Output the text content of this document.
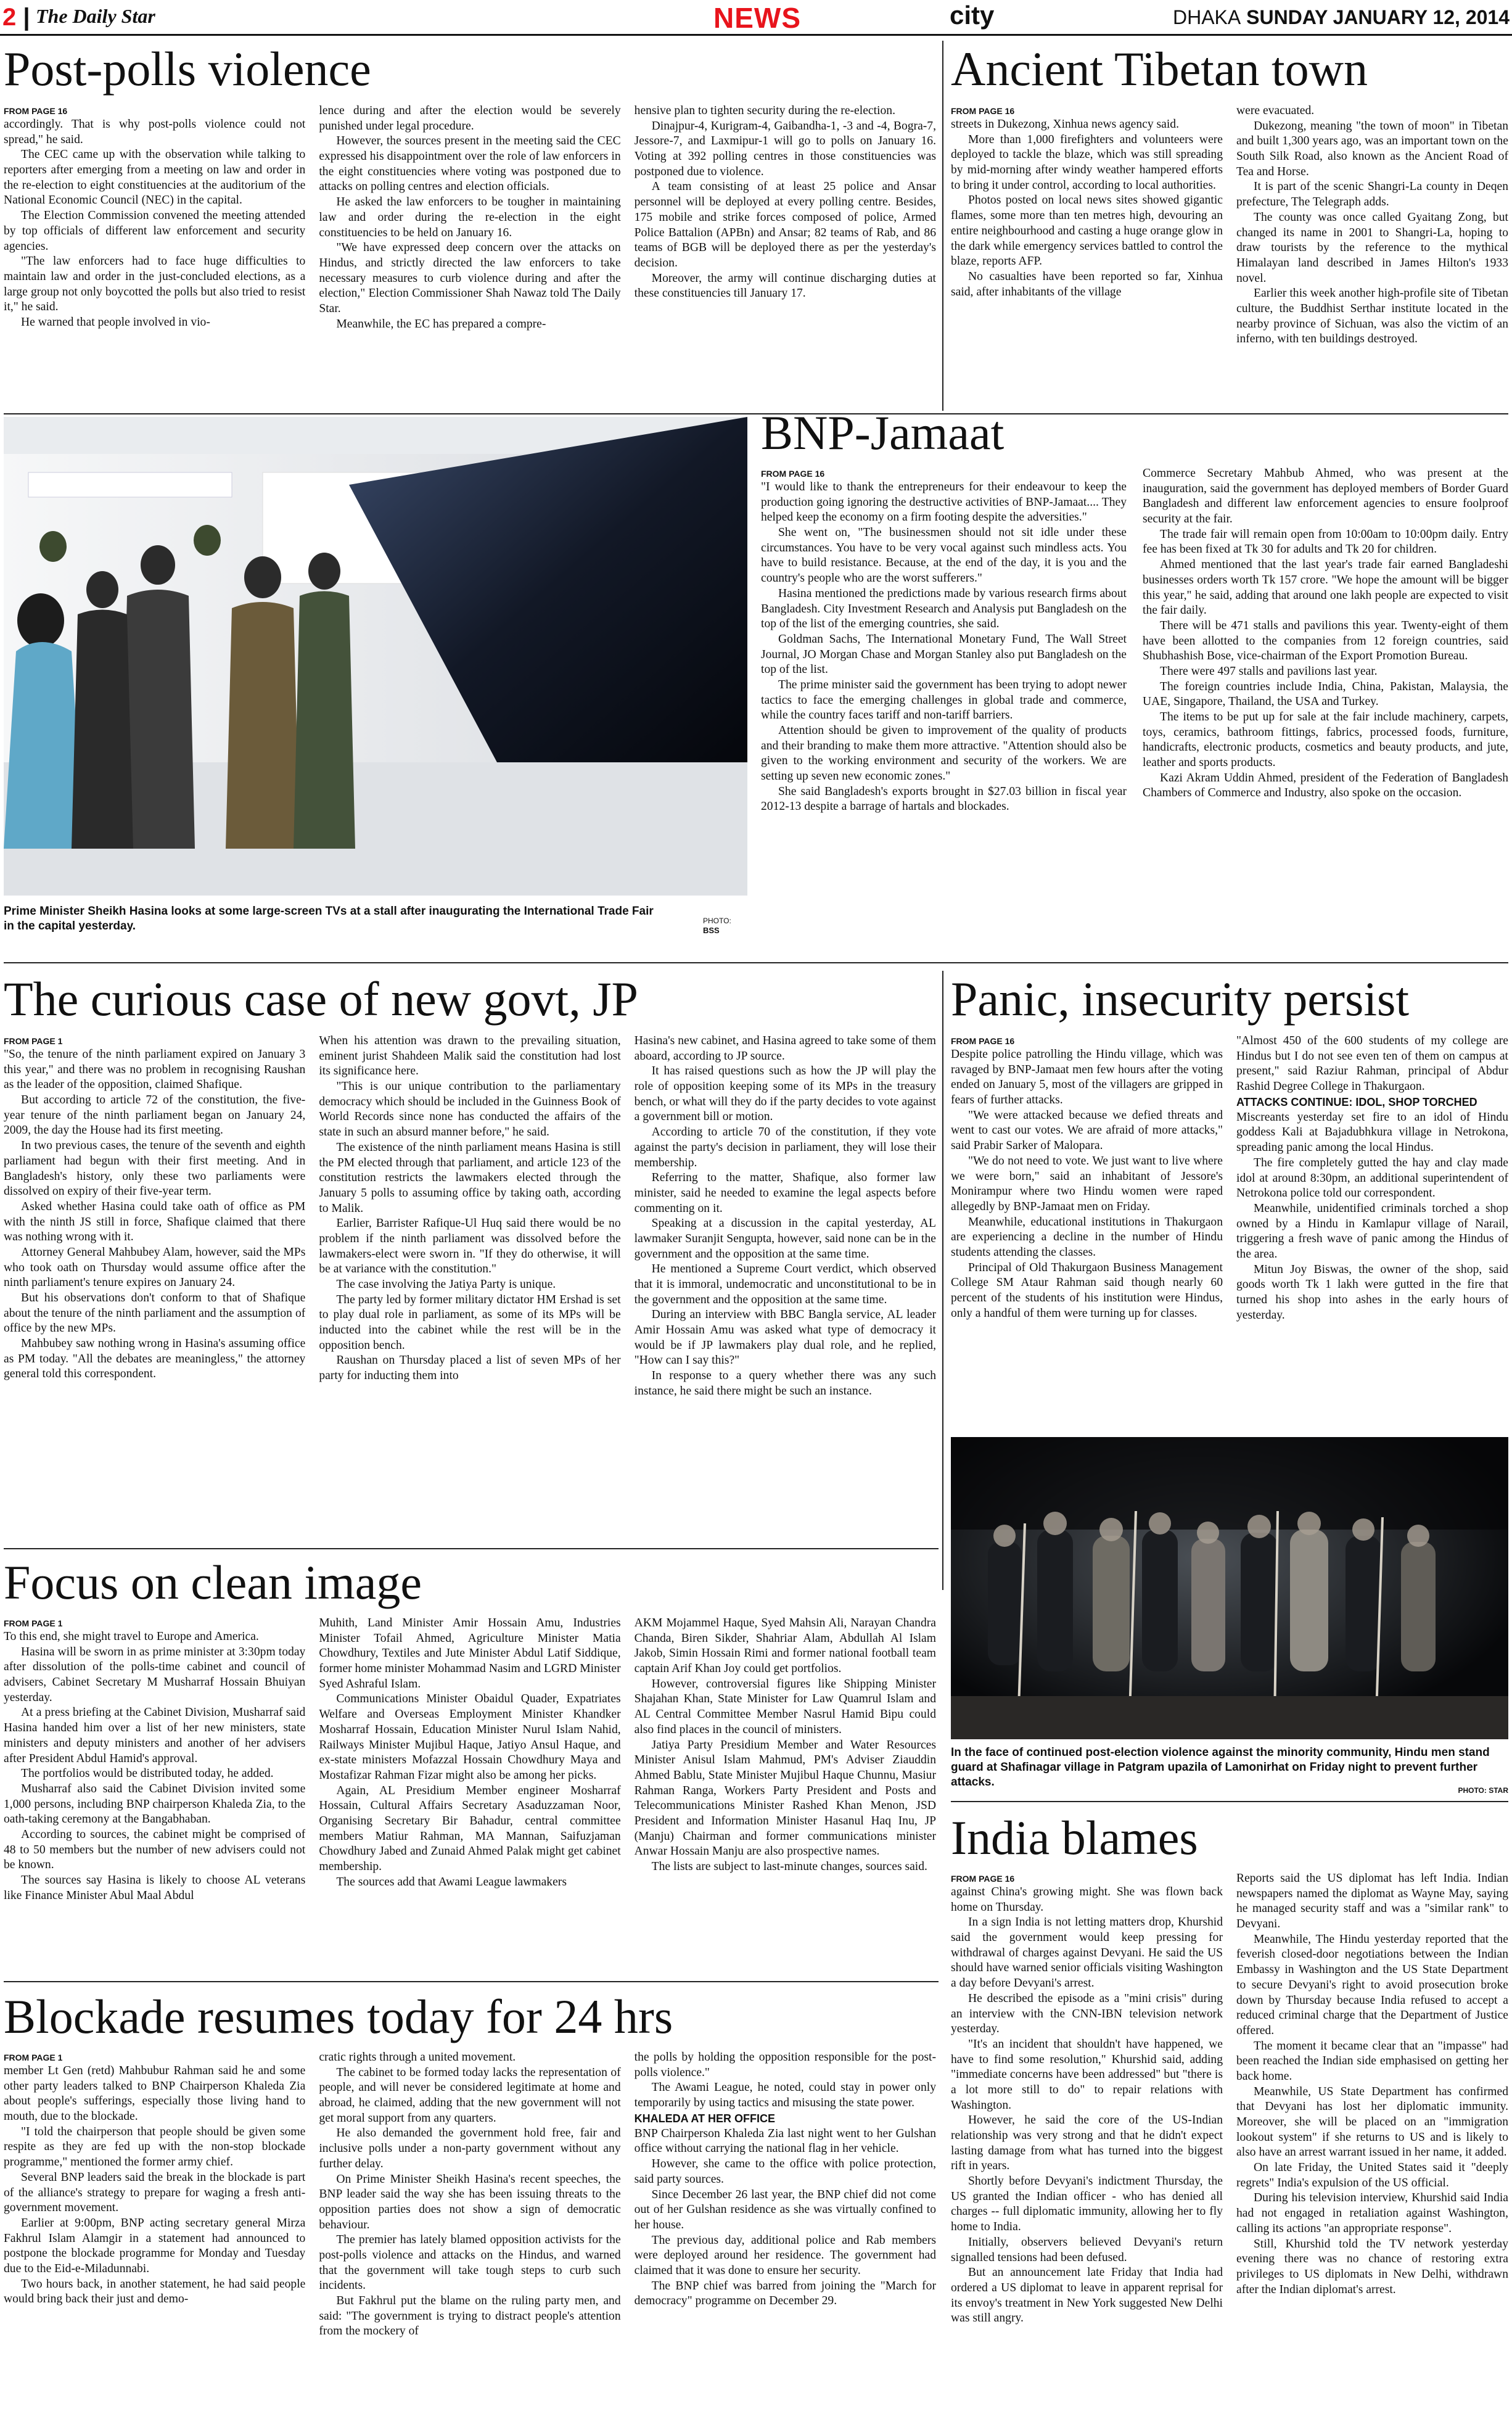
2 | The Daily Star	NEWS	city	DHAKA SUNDAY JANUARY 12, 2014
Post-polls violence
FROM PAGE 16

accordingly. That is why post-polls violence could not spread," he said.

The CEC came up with the observation while talking to reporters after emerging from a meeting on law and order in the re-election to eight constituencies at the auditorium of the National Economic Council (NEC) in the capital.

The Election Commission convened the meeting attended by top officials of different law enforcement and security agencies.

"The law enforcers had to face huge difficulties to maintain law and order in the just-concluded elections, as a large group not only boycotted the polls but also tried to resist it," he said.

He warned that people involved in vio-

lence during and after the election would be severely punished under legal procedure.

However, the sources present in the meeting said the CEC expressed his disappointment over the role of law enforcers in the eight constituencies where voting was postponed due to attacks on polling centres and election officials.

He asked the law enforcers to be tougher in maintaining law and order during the re-election in the eight constituencies to be held on January 16.

"We have expressed deep concern over the attacks on Hindus, and strictly directed the law enforcers to take necessary measures to curb violence during and after the election," Election Commissioner Shah Nawaz told The Daily Star.

Meanwhile, the EC has prepared a compre-

hensive plan to tighten security during the re-election.

Dinajpur-4, Kurigram-4, Gaibandha-1, -3 and -4, Bogra-7, Jessore-7, and Laxmipur-1 will go to polls on January 16. Voting at 392 polling centres in those constituencies was postponed due to violence.

A team consisting of at least 25 police and Ansar personnel will be deployed at every polling centre. Besides, 175 mobile and strike forces composed of police, Armed Police Battalion (APBn) and Ansar; 82 teams of Rab, and 86 teams of BGB will be deployed there as per the yesterday's decision.

Moreover, the army will continue discharging duties at these constituencies till January 17.

Ancient Tibetan town
FROM PAGE 16

streets in Dukezong, Xinhua news agency said.

More than 1,000 firefighters and volunteers were deployed to tackle the blaze, which was still spreading by mid-morning after windy weather hampered efforts to bring it under control, according to local authorities.

Photos posted on local news sites showed gigantic flames, some more than ten metres high, devouring an entire neighbourhood and casting a huge orange glow in the dark while emergency services battled to control the blaze, reports AFP.

No casualties have been reported so far, Xinhua said, after inhabitants of the village

were evacuated.

Dukezong, meaning "the town of moon" in Tibetan and built 1,300 years ago, was an important town on the South Silk Road, also known as the Ancient Road of Tea and Horse.

It is part of the scenic Shangri-La county in Deqen prefecture, The Telegraph adds.

The county was once called Gyaitang Zong, but changed its name in 2001 to Shangri-La, hoping to draw tourists by the reference to the mythical Himalayan land described in James Hilton's 1933 novel.

Earlier this week another high-profile site of Tibetan culture, the Buddhist Serthar institute located in the nearby province of Sichuan, was also the victim of an inferno, with ten buildings destroyed.

Prime Minister Sheikh Hasina looks at some large-screen TVs at a stall after inaugurating the International Trade Fair in the capital yesterday.	PHOTO:
BSS
BNP-Jamaat
FROM PAGE 16

"I would like to thank the entrepreneurs for their endeavour to keep the production going ignoring the destructive activities of BNP-Jamaat.... They helped keep the economy on a firm footing despite the adversities."

She went on, "The businessmen should not sit idle under these circumstances. You have to be very vocal against such mindless acts. You have to build resistance. Because, at the end of the day, it is you and the country's people who are the worst sufferers."

Hasina mentioned the predictions made by various research firms about Bangladesh. City Investment Research and Analysis put Bangladesh on the top of the list of the emerging countries, she said.

Goldman Sachs, The International Monetary Fund, The Wall Street Journal, JO Morgan Chase and Morgan Stanley also put Bangladesh on the top of the list.

The prime minister said the government has been trying to adopt newer tactics to face the emerging challenges in global trade and commerce, while the country faces tariff and non-tariff barriers.

Attention should be given to improvement of the quality of products and their branding to make them more attractive. "Attention should also be given to the working environment and security of the workers. We are setting up seven new economic zones."

She said Bangladesh's exports brought in $27.03 billion in fiscal year 2012-13 despite a barrage of hartals and blockades.

Commerce Secretary Mahbub Ahmed, who was present at the inauguration, said the government has deployed members of Border Guard Bangladesh and different law enforcement agencies to ensure foolproof security at the fair.

The trade fair will remain open from 10:00am to 10:00pm daily. Entry fee has been fixed at Tk 30 for adults and Tk 20 for children.

Ahmed mentioned that the last year's trade fair earned Bangladeshi businesses orders worth Tk 157 crore. "We hope the amount will be bigger this year," he said, adding that around one lakh people are expected to visit the fair daily.

There will be 471 stalls and pavilions this year. Twenty-eight of them have been allotted to the companies from 12 foreign countries, said Shubhashish Bose, vice-chairman of the Export Promotion Bureau.

There were 497 stalls and pavilions last year.

The foreign countries include India, China, Pakistan, Malaysia, the UAE, Singapore, Thailand, the USA and Turkey.

The items to be put up for sale at the fair include machinery, carpets, toys, ceramics, bathroom fittings, fabrics, processed foods, furniture, handicrafts, electronic products, cosmetics and beauty products, and jute, leather and sports products.

Kazi Akram Uddin Ahmed, president of the Federation of Bangladesh Chambers of Commerce and Industry, also spoke on the occasion.

The curious case of new govt, JP
FROM PAGE 1

"So, the tenure of the ninth parliament expired on January 3 this year," and there was no problem in recognising Raushan as the leader of the opposition, claimed Shafique.

But according to article 72 of the constitution, the five-year tenure of the ninth parliament began on January 24, 2009, the day the House had its first meeting.

In two previous cases, the tenure of the seventh and eighth parliament had begun with their first meeting. And in Bangladesh's history, only these two parliaments were dissolved on expiry of their five-year term.

Asked whether Hasina could take oath of office as PM with the ninth JS still in force, Shafique claimed that there was nothing wrong with it.

Attorney General Mahbubey Alam, however, said the MPs who took oath on Thursday would assume office after the ninth parliament's tenure expires on January 24.

But his observations don't conform to that of Shafique about the tenure of the ninth parliament and the assumption of office by the new MPs.

Mahbubey saw nothing wrong in Hasina's assuming office as PM today. "All the debates are meaningless," the attorney general told this correspondent.

When his attention was drawn to the prevailing situation, eminent jurist Shahdeen Malik said the constitution had lost its significance here.

"This is our unique contribution to the parliamentary democracy which should be included in the Guinness Book of World Records since none has conducted the affairs of the state in such an absurd manner before," he said.

The existence of the ninth parliament means Hasina is still the PM elected through that parliament, and article 123 of the constitution restricts the lawmakers elected through the January 5 polls to assuming office by taking oath, according to Malik.

Earlier, Barrister Rafique-Ul Huq said there would be no problem if the ninth parliament was dissolved before the lawmakers-elect were sworn in. "If they do otherwise, it will be at variance with the constitution."

The case involving the Jatiya Party is unique.

The party led by former military dictator HM Ershad is set to play dual role in parliament, as some of its MPs will be inducted into the cabinet while the rest will be in the opposition bench.

Raushan on Thursday placed a list of seven MPs of her party for inducting them into

Hasina's new cabinet, and Hasina agreed to take some of them aboard, according to JP source.

It has raised questions such as how the JP will play the role of opposition keeping some of its MPs in the treasury bench, or what will they do if the party decides to vote against a government bill or motion.

According to article 70 of the constitution, if they vote against the party's decision in parliament, they will lose their membership.

Referring to the matter, Shafique, also former law minister, said he needed to examine the legal aspects before commenting on it.

Speaking at a discussion in the capital yesterday, AL lawmaker Suranjit Sengupta, however, said none can be in the government and the opposition at the same time.

He mentioned a Supreme Court verdict, which observed that it is immoral, undemocratic and unconstitutional to be in the government and the opposition at the same time.

During an interview with BBC Bangla service, AL leader Amir Hossain Amu was asked what type of democracy it would be if JP lawmakers play dual role, and he replied, "How can I say this?"

In response to a query whether there was any such instance, he said there might be such an instance.

Panic, insecurity persist
FROM PAGE 16

Despite police patrolling the Hindu village, which was ravaged by BNP-Jamaat men few hours after the voting ended on January 5, most of the villagers are gripped in fears of further attacks.

"We were attacked because we defied threats and went to cast our votes. We are afraid of more attacks," said Prabir Sarker of Malopara.

"We do not need to vote. We just want to live where we were born," said an inhabitant of Jessore's Monirampur where two Hindu women were raped allegedly by BNP-Jamaat men on Friday.

Meanwhile, educational institutions in Thakurgaon are experiencing a decline in the number of Hindu students attending the classes.

Principal of Old Thakurgaon Business Management College SM Ataur Rahman said though nearly 60 percent of the students of his institution were Hindus, only a handful of them were turning up for classes.

"Almost 450 of the 600 students of my college are Hindus but I do not see even ten of them on campus at present," said Raziur Rahman, principal of Abdur Rashid Degree College in Thakurgaon.

ATTACKS CONTINUE: IDOL, SHOP TORCHED

Miscreants yesterday set fire to an idol of Hindu goddess Kali at Bajadubhkura village in Netrokona, spreading panic among the local Hindus.

The fire completely gutted the hay and clay made idol at around 8:30pm, an additional superintendent of Netrokona police told our correspondent.

Meanwhile, unidentified criminals torched a shop owned by a Hindu in Kamlapur village of Narail, triggering a fresh wave of panic among the Hindus of the area.

Mitun Joy Biswas, the owner of the shop, said goods worth Tk 1 lakh were gutted in the fire that turned his shop into ashes in the early hours of yesterday.

In the face of continued post-election violence against the minority community, Hindu men stand guard at Shafinagar village in Patgram upazila of Lamonirhat on Friday night to prevent further attacks.
PHOTO: STAR
Focus on clean image
FROM PAGE 1

To this end, she might travel to Europe and America.

Hasina will be sworn in as prime minister at 3:30pm today after dissolution of the polls-time cabinet and council of advisers, Cabinet Secretary M Musharraf Hossain Bhuiyan yesterday.

At a press briefing at the Cabinet Division, Musharraf said Hasina handed him over a list of her new ministers, state ministers and deputy ministers and another of her advisers after President Abdul Hamid's approval.

The portfolios would be distributed today, he added.

Musharraf also said the Cabinet Division invited some 1,000 persons, including BNP chairperson Khaleda Zia, to the oath-taking ceremony at the Bangabhaban.

According to sources, the cabinet might be comprised of 48 to 50 members but the number of new advisers could not be known.

The sources say Hasina is likely to choose AL veterans like Finance Minister Abul Maal Abdul

Muhith, Land Minister Amir Hossain Amu, Industries Minister Tofail Ahmed, Agriculture Minister Matia Chowdhury, Textiles and Jute Minister Abdul Latif Siddique, former home minister Mohammad Nasim and LGRD Minister Syed Ashraful Islam.

Communications Minister Obaidul Quader, Expatriates Welfare and Overseas Employment Minister Khandker Mosharraf Hossain, Education Minister Nurul Islam Nahid, Railways Minister Mujibul Haque, Jatiyo Ansul Haque, and ex-state ministers Mofazzal Hossain Chowdhury Maya and Mostafizar Rahman Fizar might also be among her picks.

Again, AL Presidium Member engineer Mosharraf Hossain, Cultural Affairs Secretary Asaduzzaman Noor, Organising Secretary Bir Bahadur, central committee members Matiur Rahman, MA Mannan, Saifuzjaman Chowdhury Jabed and Zunaid Ahmed Palak might get cabinet membership.

The sources add that Awami League lawmakers

AKM Mojammel Haque, Syed Mahsin Ali, Narayan Chandra Chanda, Biren Sikder, Shahriar Alam, Abdullah Al Islam Jakob, Simin Hossain Rimi and former national football team captain Arif Khan Joy could get portfolios.

However, controversial figures like Shipping Minister Shajahan Khan, State Minister for Law Quamrul Islam and AL Central Committee Member Nasrul Hamid Bipu could also find places in the council of ministers.

Jatiya Party Presidium Member and Water Resources Minister Anisul Islam Mahmud, PM's Adviser Ziauddin Ahmed Bablu, State Minister Mujibul Haque Chunnu, Masiur Rahman Ranga, Workers Party President and Posts and Telecommunications Minister Rashed Khan Menon, JSD President and Information Minister Hasanul Haq Inu, JP (Manju) Chairman and former communications minister Anwar Hossain Manju are also prospective names.

The lists are subject to last-minute changes, sources said.

Blockade resumes today for 24 hrs
FROM PAGE 1

member Lt Gen (retd) Mahbubur Rahman said he and some other party leaders talked to BNP Chairperson Khaleda Zia about people's sufferings, especially those living hand to mouth, due to the blockade.

"I told the chairperson that people should be given some respite as they are fed up with the non-stop blockade programme," mentioned the former army chief.

Several BNP leaders said the break in the blockade is part of the alliance's strategy to prepare for waging a fresh anti-government movement.

Earlier at 9:00pm, BNP acting secretary general Mirza Fakhrul Islam Alamgir in a statement had announced to postpone the blockade programme for Monday and Tuesday due to the Eid-e-Miladunnabi.

Two hours back, in another statement, he had said people would bring back their just and demo-

cratic rights through a united movement.

The cabinet to be formed today lacks the representation of people, and will never be considered legitimate at home and abroad, he claimed, adding that the new government will not get moral support from any quarters.

He also demanded the government hold free, fair and inclusive polls under a non-party government without any further delay.

On Prime Minister Sheikh Hasina's recent speeches, the BNP leader said the way she has been issuing threats to the opposition parties does not show a sign of democratic behaviour.

The premier has lately blamed opposition activists for the post-polls violence and attacks on the Hindus, and warned that the government will take tough steps to curb such incidents.

But Fakhrul put the blame on the ruling party men, and said: "The government is trying to distract people's attention from the mockery of

the polls by holding the opposition responsible for the post-polls violence."

The Awami League, he noted, could stay in power only temporarily by using tactics and misusing the state power.

KHALEDA AT HER OFFICE

BNP Chairperson Khaleda Zia last night went to her Gulshan office without carrying the national flag in her vehicle.

However, she came to the office with police protection, said party sources.

Since December 26 last year, the BNP chief did not come out of her Gulshan residence as she was virtually confined to her house.

The previous day, additional police and Rab members were deployed around her residence. The government had claimed that it was done to ensure her security.

The BNP chief was barred from joining the "March for democracy" programme on December 29.

India blames
FROM PAGE 16

against China's growing might. She was flown back home on Thursday.

In a sign India is not letting matters drop, Khurshid said the government would keep pressing for withdrawal of charges against Devyani. He said the US should have warned senior officials visiting Washington a day before Devyani's arrest.

He described the episode as a "mini crisis" during an interview with the CNN-IBN television network yesterday.

"It's an incident that shouldn't have happened, we have to find some resolution," Khurshid said, adding "immediate concerns have been addressed" but "there is a lot more still to do" to repair relations with Washington.

However, he said the core of the US-Indian relationship was very strong and that he didn't expect lasting damage from what has turned into the biggest rift in years.

Shortly before Devyani's indictment Thursday, the US granted the Indian officer - who has denied all charges -- full diplomatic immunity, allowing her to fly home to India.

Initially, observers believed Devyani's return signalled tensions had been defused.

But an announcement late Friday that India had ordered a US diplomat to leave in apparent reprisal for its envoy's treatment in New York suggested New Delhi was still angry.

Reports said the US diplomat has left India. Indian newspapers named the diplomat as Wayne May, saying he managed security staff and was a "similar rank" to Devyani.

Meanwhile, The Hindu yesterday reported that the feverish closed-door negotiations between the Indian Embassy in Washington and the US State Department to secure Devyani's right to avoid prosecution broke down by Thursday because India refused to accept a reduced criminal charge that the Department of Justice offered.

The moment it became clear that an "impasse" had been reached the Indian side emphasised on getting her back home.

Meanwhile, US State Department has confirmed that Devyani has lost her diplomatic immunity. Moreover, she will be placed on an "immigration lookout system" if she returns to US and is likely to also have an arrest warrant issued in her name, it added.

On late Friday, the United States said it "deeply regrets" India's expulsion of the US official.

During his television interview, Khurshid said India had not engaged in retaliation against Washington, calling its actions "an appropriate response".

Still, Khurshid told the TV network yesterday evening there was no chance of restoring extra privileges to US diplomats in New Delhi, withdrawn after the Indian diplomat's arrest.
